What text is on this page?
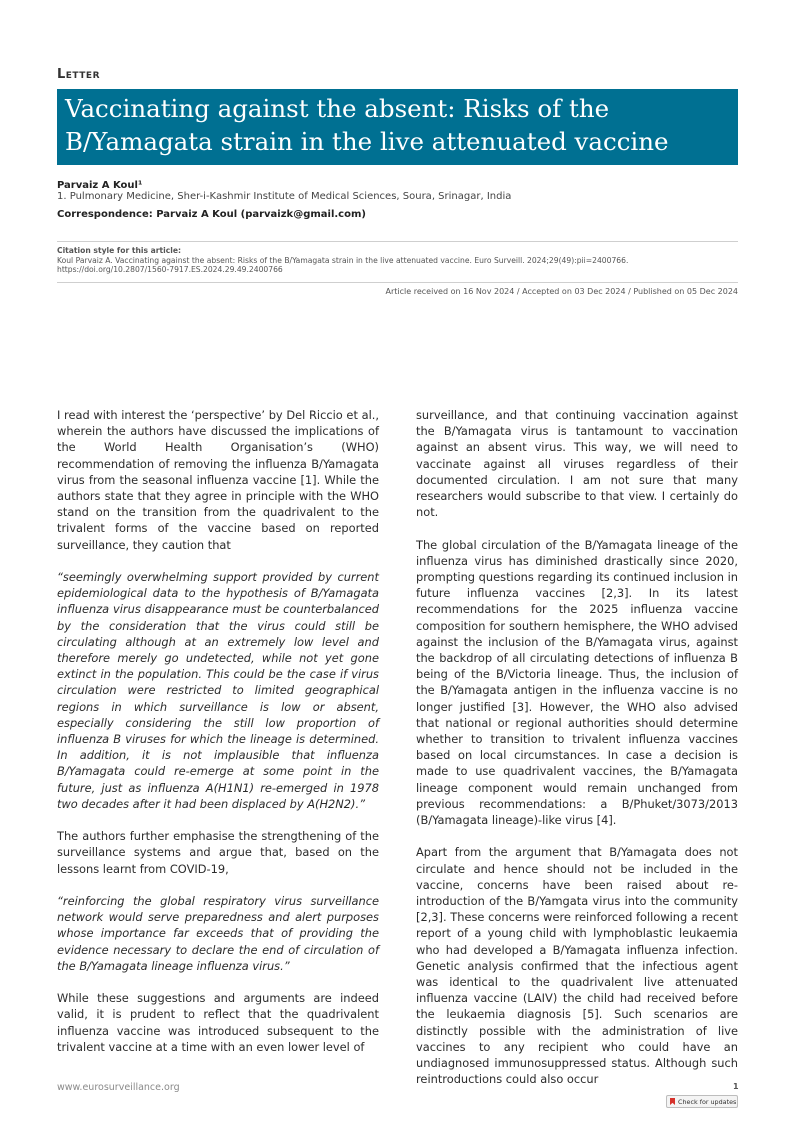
Letter
Vaccinating against the absent: Risks of the B/Yamagata strain in the live attenuated vaccine
Parvaiz A Koul¹
1. Pulmonary Medicine, Sher-i-Kashmir Institute of Medical Sciences, Soura, Srinagar, India
Correspondence: Parvaiz A Koul (parvaizk@gmail.com)
Citation style for this article:
Koul Parvaiz A. Vaccinating against the absent: Risks of the B/Yamagata strain in the live attenuated vaccine. Euro Surveill. 2024;29(49):pii=2400766. https://doi.org/10.2807/1560-7917.ES.2024.29.49.2400766
Article received on 16 Nov 2024 / Accepted on 03 Dec 2024 / Published on 05 Dec 2024

I read with interest the ‘perspective’ by Del Riccio et al., wherein the authors have discussed the implications of the World Health Organisation’s (WHO) recommendation of removing the influenza B/Yamagata virus from the seasonal influenza vaccine [1]. While the authors state that they agree in principle with the WHO stand on the transition from the quadrivalent to the trivalent forms of the vaccine based on reported surveillance, they caution that

“seemingly overwhelming support provided by current epidemiological data to the hypothesis of B/Yamagata influenza virus disappearance must be counterbalanced by the consideration that the virus could still be circulating although at an extremely low level and therefore merely go undetected, while not yet gone extinct in the population. This could be the case if virus circulation were restricted to limited geographical regions in which surveillance is low or absent, especially considering the still low proportion of influenza B viruses for which the lineage is determined. In addition, it is not implausible that influenza B/Yamagata could re-emerge at some point in the future, just as influenza A(H1N1) re-emerged in 1978 two decades after it had been displaced by A(H2N2).”

The authors further emphasise the strengthening of the surveillance systems and argue that, based on the lessons learnt from COVID-19,

“reinforcing the global respiratory virus surveillance network would serve preparedness and alert purposes whose importance far exceeds that of providing the evidence necessary to declare the end of circulation of the B/Yamagata lineage influenza virus.”

While these suggestions and arguments are indeed valid, it is prudent to reflect that the quadrivalent influenza vaccine was introduced subsequent to the trivalent vaccine at a time with an even lower level of

surveillance, and that continuing vaccination against the B/Yamagata virus is tantamount to vaccination against an absent virus. This way, we will need to vaccinate against all viruses regardless of their documented circulation. I am not sure that many researchers would subscribe to that view. I certainly do not.

The global circulation of the B/Yamagata lineage of the influenza virus has diminished drastically since 2020, prompting questions regarding its continued inclusion in future influenza vaccines [2,3]. In its latest recommendations for the 2025 influenza vaccine composition for southern hemisphere, the WHO advised against the inclusion of the B/Yamagata virus, against the backdrop of all circulating detections of influenza B being of the B/Victoria lineage. Thus, the inclusion of the B/Yamagata antigen in the influenza vaccine is no longer justified [3]. However, the WHO also advised that national or regional authorities should determine whether to transition to trivalent influenza vaccines based on local circumstances. In case a decision is made to use quadrivalent vaccines, the B/Yamagata lineage component would remain unchanged from previous recommendations: a B/Phuket/3073/2013 (B/Yamagata lineage)-like virus [4].

Apart from the argument that B/Yamagata does not circulate and hence should not be included in the vaccine, concerns have been raised about re-introduction of the B/Yamgata virus into the community [2,3]. These concerns were reinforced following a recent report of a young child with lymphoblastic leukaemia who had developed a B/Yamagata influenza infection. Genetic analysis confirmed that the infectious agent was identical to the quadrivalent live attenuated influenza vaccine (LAIV) the child had received before the leukaemia diagnosis [5]. Such scenarios are distinctly possible with the administration of live vaccines to any recipient who could have an undiagnosed immunosuppressed status. Although such reintroductions could also occur

www.eurosurveillance.org	1
Check for updates
